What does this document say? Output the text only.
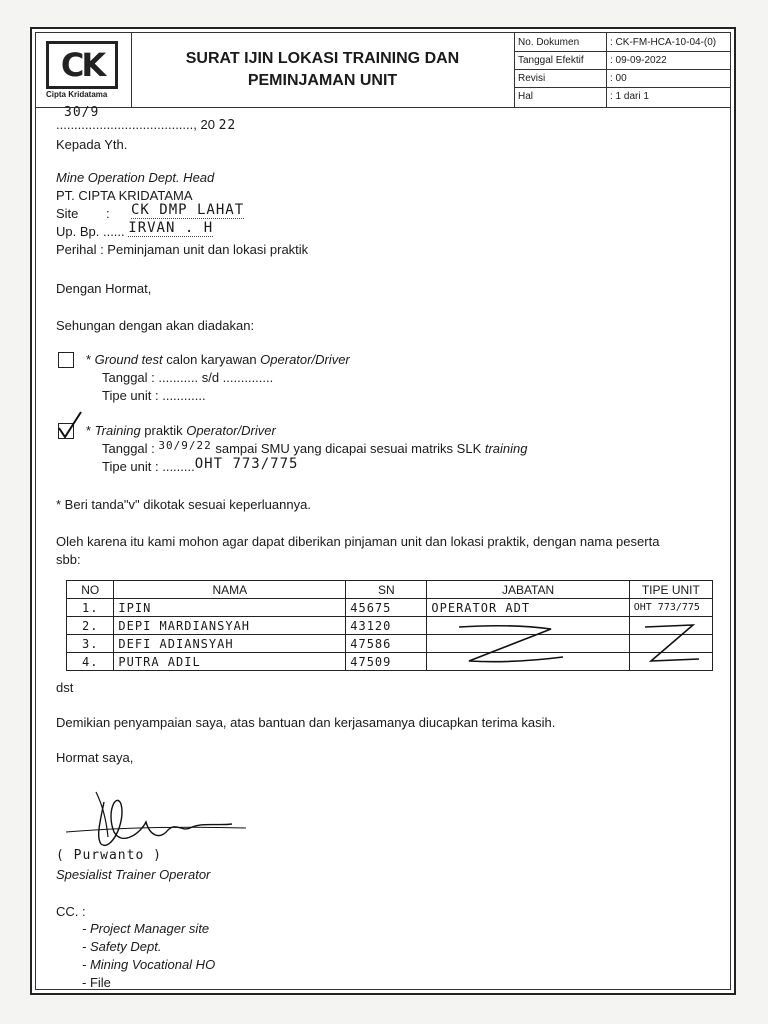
CK
Cipta Kridatama
SURAT IJIN LOKASI TRAINING DAN
PEMINJAMAN UNIT
No. Dokumen	: CK-FM-HCA-10-04-(0)
Tanggal Efektif	: 09-09-2022
Revisi	: 00
Hal	: 1 dari 1
30/9
......................................, 20 22
Kepada Yth.
Mine Operation Dept. Head
PT. CIPTA KRIDATAMA
Site : CK DMP LAHAT
Up. Bp. ...... IRVAN . H
Perihal : Peminjaman unit dan lokasi praktik
Dengan Hormat,
Sehungan dengan akan diadakan:
* Ground test calon karyawan Operator/Driver
Tanggal : ........... s/d ..............
Tipe unit : ............
* Training praktik Operator/Driver
Tanggal : $^{30/9/22}$ sampai SMU yang dicapai sesuai matriks SLK training
Tipe unit : .........OHT 773/775
* Beri tanda"v" dikotak sesuai keperluannya.
Oleh karena itu kami mohon agar dapat diberikan pinjaman unit dan lokasi praktik, dengan nama peserta
sbb:
NO	NAMA	SN	JABATAN	TIPE UNIT
1.	IPIN	45675	OPERATOR ADT	OHT 773/775
2.	DEPI MARDIANSYAH	43120		
3.	DEFI ADIANSYAH	47586		
4.	PUTRA ADIL	47509		
dst
Demikian penyampaian saya, atas bantuan dan kerjasamanya diucapkan terima kasih.
Hormat saya,
( Purwanto )
Spesialist Trainer Operator
CC. :
- Project Manager site
- Safety Dept.
- Mining Vocational HO
- File
